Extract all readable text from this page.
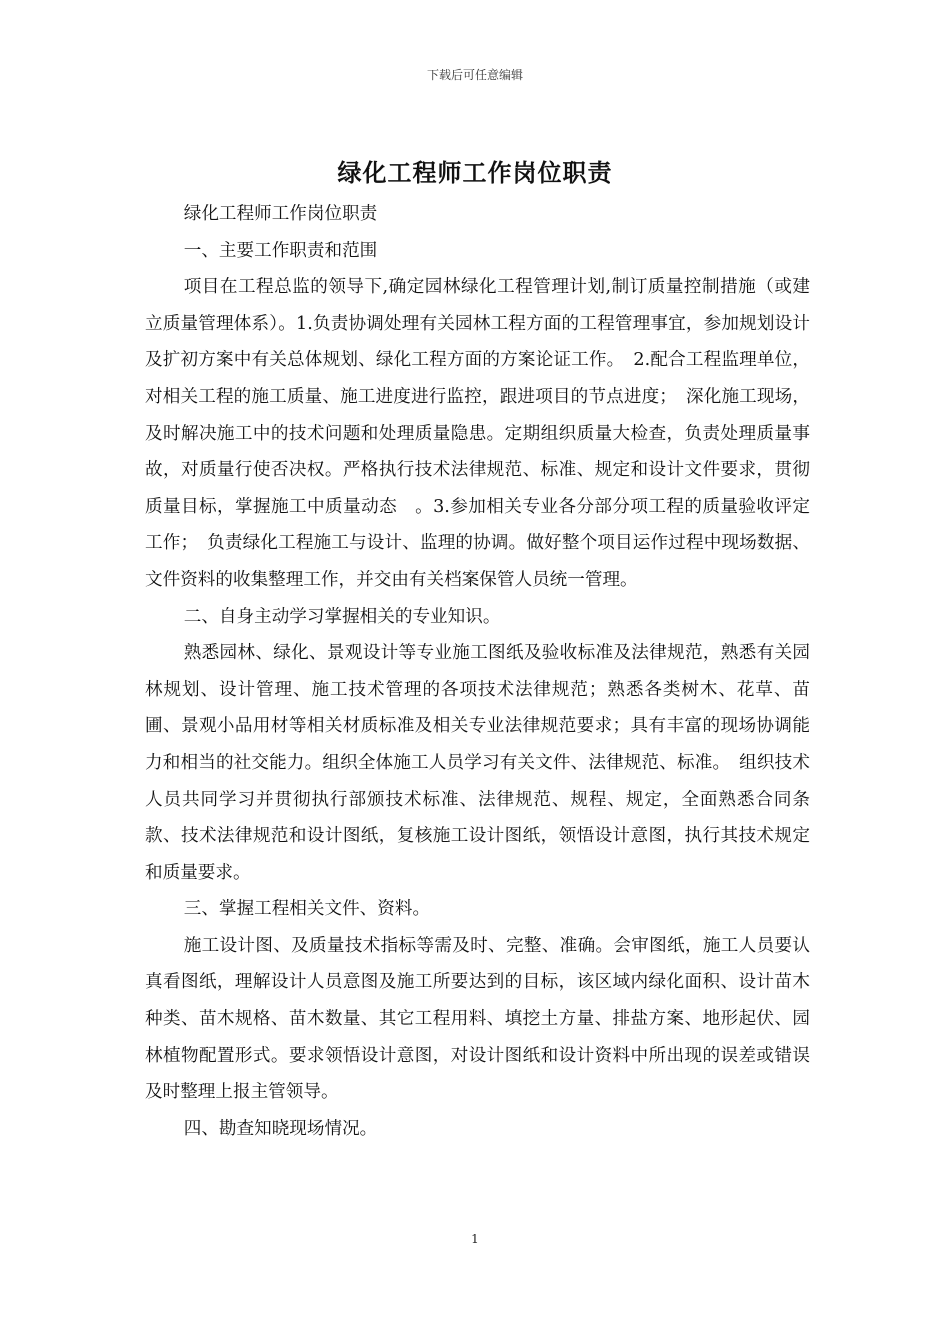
下载后可任意编辑
绿化工程师工作岗位职责

绿化工程师工作岗位职责

一、主要工作职责和范围

项目在工程总监的领导下,确定园林绿化工程管理计划,制订质量控制措施（或建立质量管理体系）。1.负责协调处理有关园林工程方面的工程管理事宜，参加规划设计及扩初方案中有关总体规划、绿化工程方面的方案论证工作。　2.配合工程监理单位，对相关工程的施工质量、施工进度进行监控，跟进项目的节点进度；　深化施工现场，及时解决施工中的技术问题和处理质量隐患。定期组织质量大检查，负责处理质量事故，对质量行使否决权。严格执行技术法律规范、标准、规定和设计文件要求，贯彻质量目标，掌握施工中质量动态　。3.参加相关专业各分部分项工程的质量验收评定工作；　负责绿化工程施工与设计、监理的协调。做好整个项目运作过程中现场数据、文件资料的收集整理工作，并交由有关档案保管人员统一管理。

二、自身主动学习掌握相关的专业知识。

熟悉园林、绿化、景观设计等专业施工图纸及验收标准及法律规范，熟悉有关园林规划、设计管理、施工技术管理的各项技术法律规范；熟悉各类树木、花草、苗圃、景观小品用材等相关材质标准及相关专业法律规范要求；具有丰富的现场协调能力和相当的社交能力。组织全体施工人员学习有关文件、法律规范、标准。　组织技术人员共同学习并贯彻执行部颁技术标准、法律规范、规程、规定，全面熟悉合同条款、技术法律规范和设计图纸，复核施工设计图纸，领悟设计意图，执行其技术规定和质量要求。

三、掌握工程相关文件、资料。

施工设计图、及质量技术指标等需及时、完整、准确。会审图纸，施工人员要认真看图纸，理解设计人员意图及施工所要达到的目标，该区域内绿化面积、设计苗木种类、苗木规格、苗木数量、其它工程用料、填挖土方量、排盐方案、地形起伏、园林植物配置形式。要求领悟设计意图，对设计图纸和设计资料中所出现的误差或错误及时整理上报主管领导。

四、勘查知晓现场情况。

1
